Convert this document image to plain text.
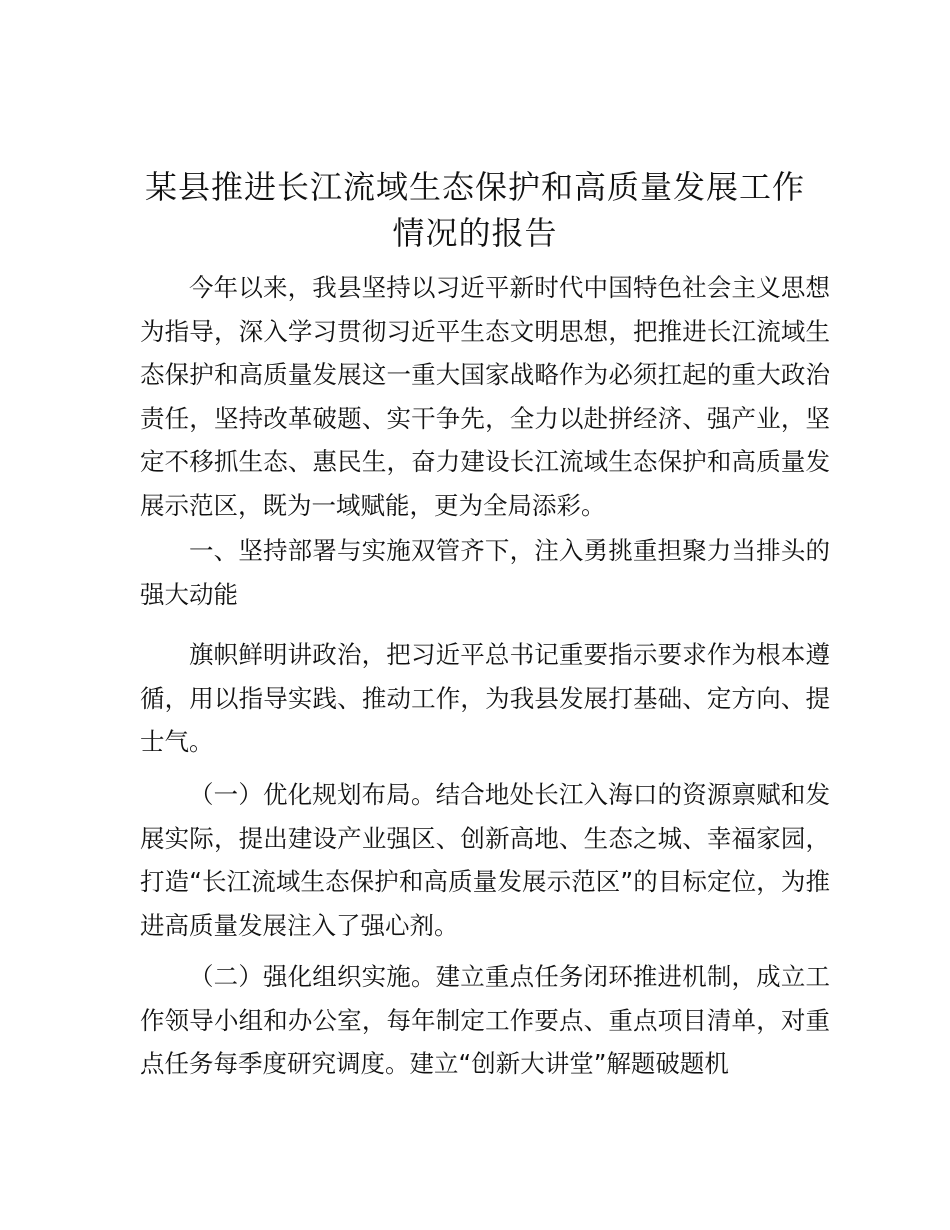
某县推进长江流域生态保护和高质量发展工作
情况的报告

今年以来，我县坚持以习近平新时代中国特色社会主义思想为指导，深入学习贯彻习近平生态文明思想，把推进长江流域生态保护和高质量发展这一重大国家战略作为必须扛起的重大政治责任，坚持改革破题、实干争先，全力以赴拼经济、强产业，坚定不移抓生态、惠民生，奋力建设长江流域生态保护和高质量发展示范区，既为一域赋能，更为全局添彩。

一、坚持部署与实施双管齐下，注入勇挑重担聚力当排头的强大动能

旗帜鲜明讲政治，把习近平总书记重要指示要求作为根本遵循，用以指导实践、推动工作，为我县发展打基础、定方向、提士气。

（一）优化规划布局。结合地处长江入海口的资源禀赋和发展实际，提出建设产业强区、创新高地、生态之城、幸福家园，打造“长江流域生态保护和高质量发展示范区”的目标定位，为推进高质量发展注入了强心剂。

（二）强化组织实施。建立重点任务闭环推进机制，成立工作领导小组和办公室，每年制定工作要点、重点项目清单，对重点任务每季度研究调度。建立“创新大讲堂”解题破题机
